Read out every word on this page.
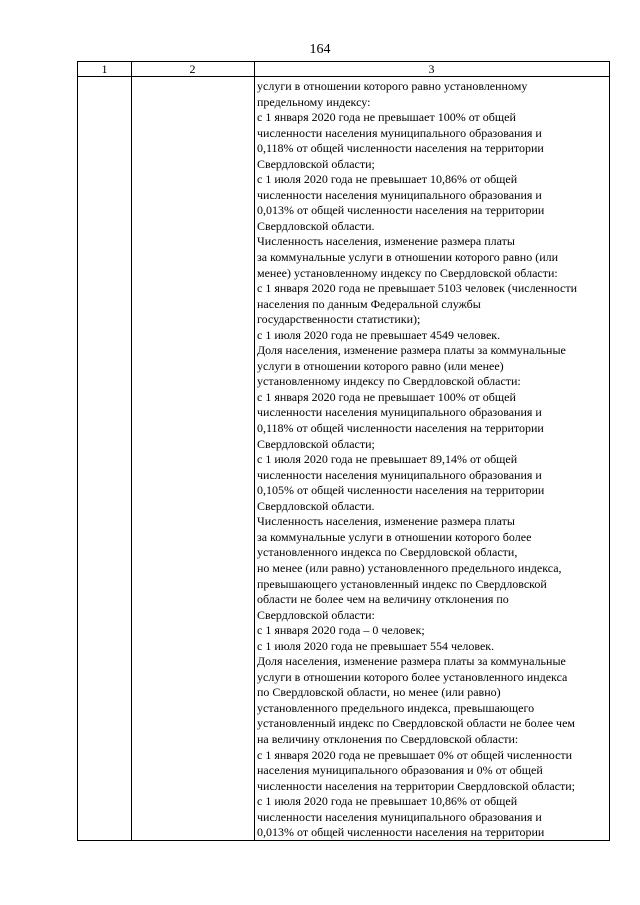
164
1	2	3
услуги в отношении которого равно установленному
предельному индексу:
с 1 января 2020 года не превышает 100% от общей
численности населения муниципального образования и
0,118% от общей численности населения на территории
Свердловской области;
с 1 июля 2020 года не превышает 10,86% от общей
численности населения муниципального образования и
0,013% от общей численности населения на территории
Свердловской области.
Численность населения, изменение размера платы
за коммунальные услуги в отношении которого равно (или
менее) установленному индексу по Свердловской области:
с 1 января 2020 года не превышает 5103 человек (численности
населения по данным Федеральной службы
государственности статистики);
с 1 июля 2020 года не превышает 4549 человек.
Доля населения, изменение размера платы за коммунальные
услуги в отношении которого равно (или менее)
установленному индексу по Свердловской области:
с 1 января 2020 года не превышает 100% от общей
численности населения муниципального образования и
0,118% от общей численности населения на территории
Свердловской области;
с 1 июля 2020 года не превышает 89,14% от общей
численности населения муниципального образования и
0,105% от общей численности населения на территории
Свердловской области.
Численность населения, изменение размера платы
за коммунальные услуги в отношении которого более
установленного индекса по Свердловской области,
но менее (или равно) установленного предельного индекса,
превышающего установленный индекс по Свердловской
области не более чем на величину отклонения по
Свердловской области:
с 1 января 2020 года – 0 человек;
с 1 июля 2020 года не превышает 554 человек.
Доля населения, изменение размера платы за коммунальные
услуги в отношении которого более установленного индекса
по Свердловской области, но менее (или равно)
установленного предельного индекса, превышающего
установленный индекс по Свердловской области не более чем
на величину отклонения по Свердловской области:
с 1 января 2020 года не превышает 0% от общей численности
населения муниципального образования и 0% от общей
численности населения на территории Свердловской области;
с 1 июля 2020 года не превышает 10,86% от общей
численности населения муниципального образования и
0,013% от общей численности населения на территории
